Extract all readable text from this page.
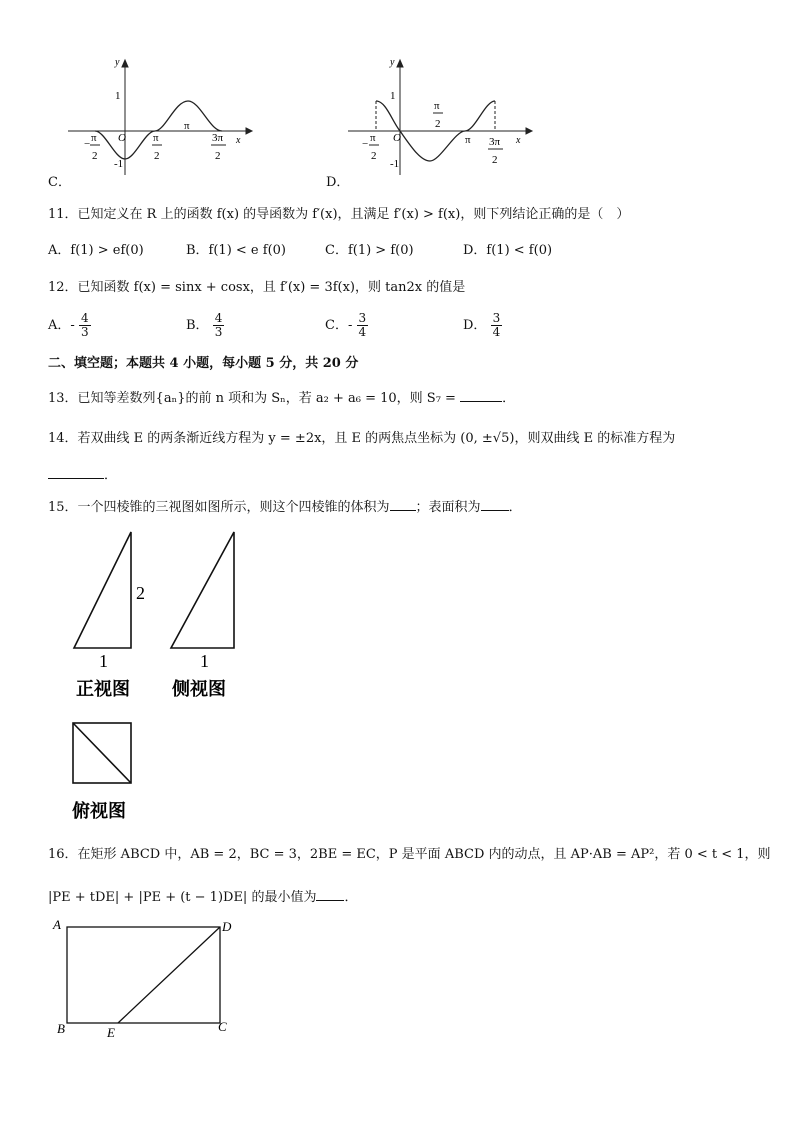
y
x
O
1
-1
− π
2
π
2
π
3π
2
C．
y
x
O
1
-1
− π
2
π
2
π 3π
2
D．
11．已知定义在 R 上的函数 f(x) 的导函数为 f′(x)，且满足 f′(x) > f(x)，则下列结论正确的是（　）
A．f(1) > ef(0)	B．f(1) < e f(0)	C．f(1) > f(0)	D．f(1) < f(0)
12．已知函数 f(x) = sinx + cosx，且 f′(x) = 3f(x)，则 tan2x 的值是
A．- $\frac{4}{3}$	B． $\frac{4}{3}$	C．- $\frac{3}{4}$	D． $\frac{3}{4}$
二、填空题；本题共 4 小题，每小题 5 分，共 20 分
13．已知等差数列{aₙ}的前 n 项和为 Sₙ，若 a₂ + a₆ = 10，则 S₇ =	．
14．若双曲线 E 的两条渐近线方程为 y = ±2x，且 E 的两焦点坐标为 (0, ±√5)，则双曲线 E 的标准方程为
．
15．一个四棱锥的三视图如图所示，则这个四棱锥的体积为 ；表面积为 ．
2
1	1
正视图 侧视图
俯视图
16．在矩形 ABCD 中，AB = 2，BC = 3，2BE = EC，P 是平面 ABCD 内的动点，且 AP·AB = AP²，若 0 < t < 1，则
|PE + tDE| + |PE + (t − 1)DE| 的最小值为 ．
A	D
B	C
E
